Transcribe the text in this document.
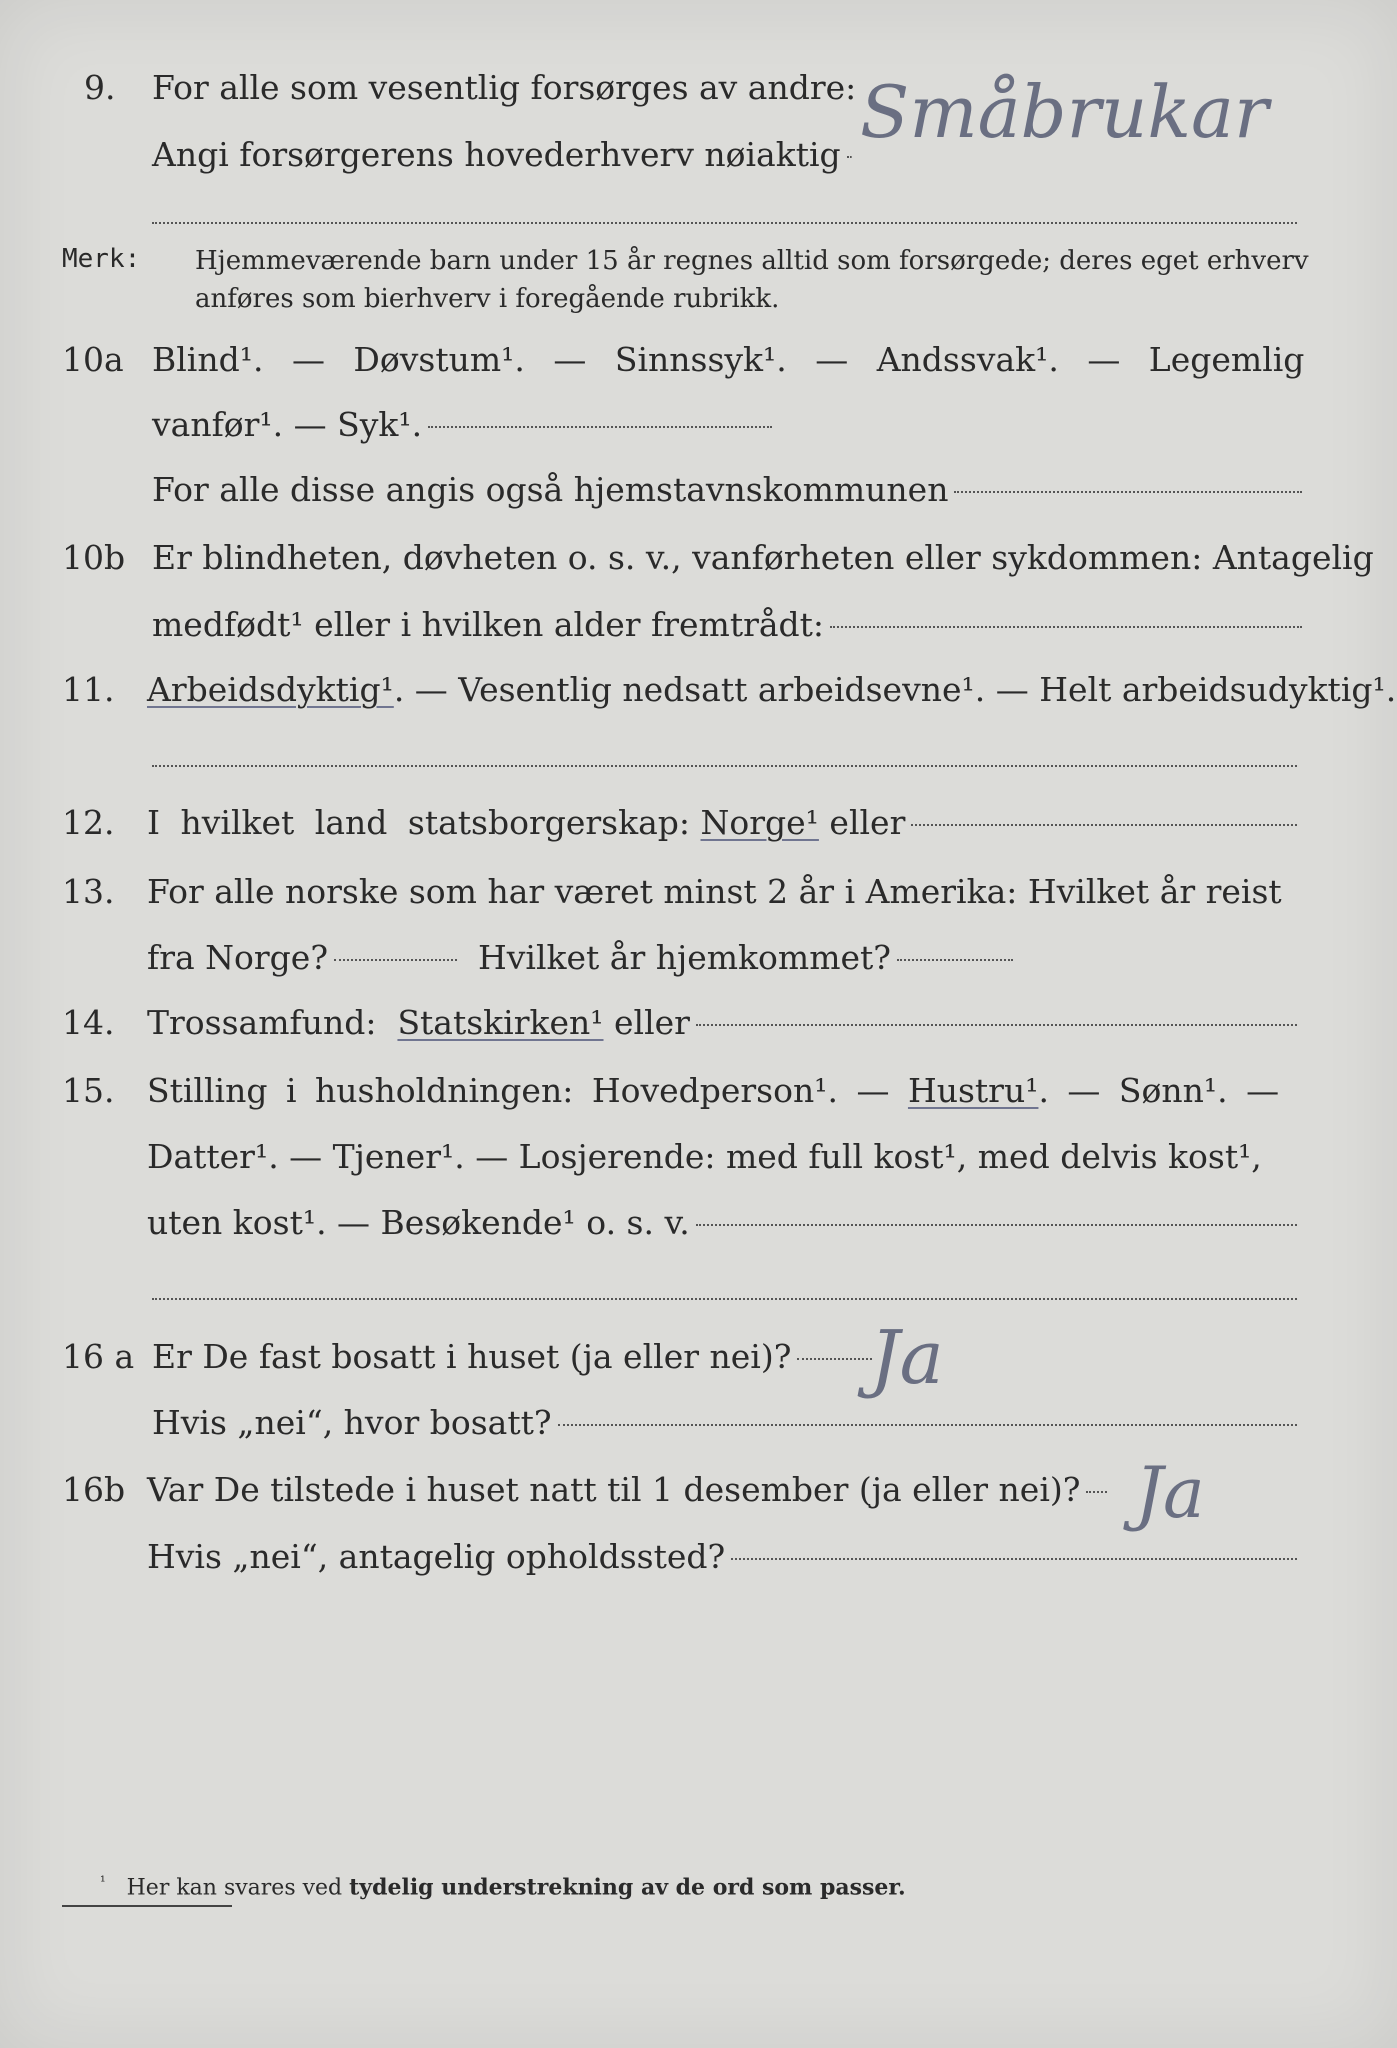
9.	For alle som vesentlig forsørges av andre:
Angi forsørgerens hovederhverv nøiaktig
Småbrukar
Merk: Hjemmeværende barn under 15 år regnes alltid som forsørgede; deres eget erhverv
anføres som bierhverv i foregående rubrikk.
10a Blind¹. — Døvstum¹. — Sinnssyk¹. — Andssvak¹. — Legemlig
vanfør¹. — Syk¹.
For alle disse angis også hjemstavnskommunen
10b Er blindheten, døvheten o. s. v., vanførheten eller sykdommen: Antagelig
medfødt¹ eller i hvilken alder fremtrådt:
11. Arbeidsdyktig¹ . — Vesentlig nedsatt arbeidsevne¹. — Helt arbeidsudyktig¹.
12. I hvilket land statsborgerskap:
Norge¹
eller
13. For alle norske som har været minst 2 år i Amerika: Hvilket år reist
fra Norge?	Hvilket år hjemkommet?
14. Trossamfund:
Statskirken¹
eller
15. Stilling i husholdningen: Hovedperson¹. —
Hustru¹ . — Sønn¹. —
Datter¹. — Tjener¹. — Losjerende: med full kost¹, med delvis kost¹,
uten kost¹. — Besøkende¹ o. s. v.
16 a Er De fast bosatt i huset (ja eller nei)? Ja
Hvis „nei“, hvor bosatt?
16b Var De tilstede i huset natt til 1 desember (ja eller nei)? Ja
Hvis „nei“, antagelig opholdssted?
$^{^1}$ Her kan svares ved tydelig understrekning av de ord som passer.
